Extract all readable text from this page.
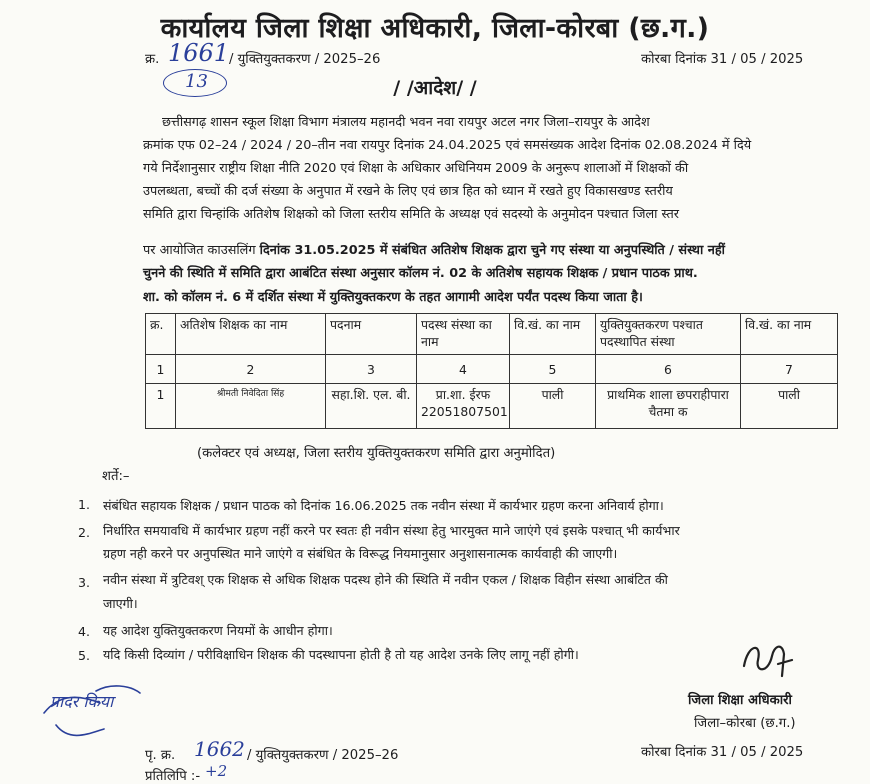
कार्यालय जिला शिक्षा अधिकारी, जिला-कोरबा (छ.ग.)
क्र. 1661 / युक्तियुक्तकरण / 2025–26	कोरबा दिनांक 31 / 05 / 2025
13	/ /आदेश/ /
छत्तीसगढ़ शासन स्कूल शिक्षा विभाग मंत्रालय महानदी भवन नवा रायपुर अटल नगर जिला–रायपुर के आदेश
क्रमांक एफ 02–24 / 2024 / 20–तीन नवा रायपुर दिनांक 24.04.2025 एवं समसंख्यक आदेश दिनांक 02.08.2024 में दिये
गये निर्देशानुसार राष्ट्रीय शिक्षा नीति 2020 एवं शिक्षा के अधिकार अधिनियम 2009 के अनुरूप शालाओं में शिक्षकों की
उपलब्धता, बच्चों की दर्ज संख्या के अनुपात में रखने के लिए एवं छात्र हित को ध्यान में रखते हुए विकासखण्ड स्तरीय
समिति द्वारा चिन्हांकि अतिशेष शिक्षको को जिला स्तरीय समिति के अध्यक्ष एवं सदस्यो के अनुमोदन पश्चात जिला स्तर
पर आयोजित काउसलिंग दिनांक 31.05.2025 में संबंधित अतिशेष शिक्षक द्वारा चुने गए संस्था या अनुपस्थिति / संस्था नहीं
चुनने की स्थिति में समिति द्वारा आबंटित संस्था अनुसार कॉलम नं. 02 के अतिशेष सहायक शिक्षक / प्रधान पाठक प्राथ.
शा. को कॉलम नं. 6 में दर्शित संस्था में युक्तियुक्तकरण के तहत आगामी आदेश पर्यंत पदस्थ किया जाता है।
क्र.	अतिशेष शिक्षक का नाम	पदनाम	पदस्थ संस्था का नाम	वि.खं. का नाम	युक्तियुक्तकरण पश्चात पदस्थापित संस्था	वि.खं. का नाम
1	2	3	4	5	6	7
1	श्रीमती निवेदिता सिंह	सहा.शि. एल. बी.	प्रा.शा. ईरफ 22051807501	पाली	प्राथमिक शाला छपराहीपारा चैतमा क	पाली
(कलेक्टर एवं अध्यक्ष, जिला स्तरीय युक्तियुक्तकरण समिति द्वारा अनुमोदित)
शर्ते:–
1. संबंधित सहायक शिक्षक / प्रधान पाठक को दिनांक 16.06.2025 तक नवीन संस्था में कार्यभार ग्रहण करना अनिवार्य होगा।
2. निर्धारित समयावधि में कार्यभार ग्रहण नहीं करने पर स्वतः ही नवीन संस्था हेतु भारमुक्त माने जाएंगे एवं इसके पश्चात् भी कार्यभार
ग्रहण नही करने पर अनुपस्थित माने जाएंगे व संबंधित के विरूद्ध नियमानुसार अनुशासनात्मक कार्यवाही की जाएगी।
3. नवीन संस्था में त्रुटिवश् एक शिक्षक से अधिक शिक्षक पदस्थ होने की स्थिति में नवीन एकल / शिक्षक विहीन संस्था आबंटित की
जाएगी।
4. यह आदेश युक्तियुक्तकरण नियमों के आधीन होगा।
5. यदि किसी दिव्यांग / परीविक्षाधिन शिक्षक की पदस्थापना होती है तो यह आदेश उनके लिए लागू नहीं होगी।
जिला शिक्षा अधिकारी
जिला–कोरबा (छ.ग.)
प्रादर किया
पृ. क्र. 1662 / युक्तियुक्तकरण / 2025–26	कोरबा दिनांक 31 / 05 / 2025
प्रतिलिपि :- +2
